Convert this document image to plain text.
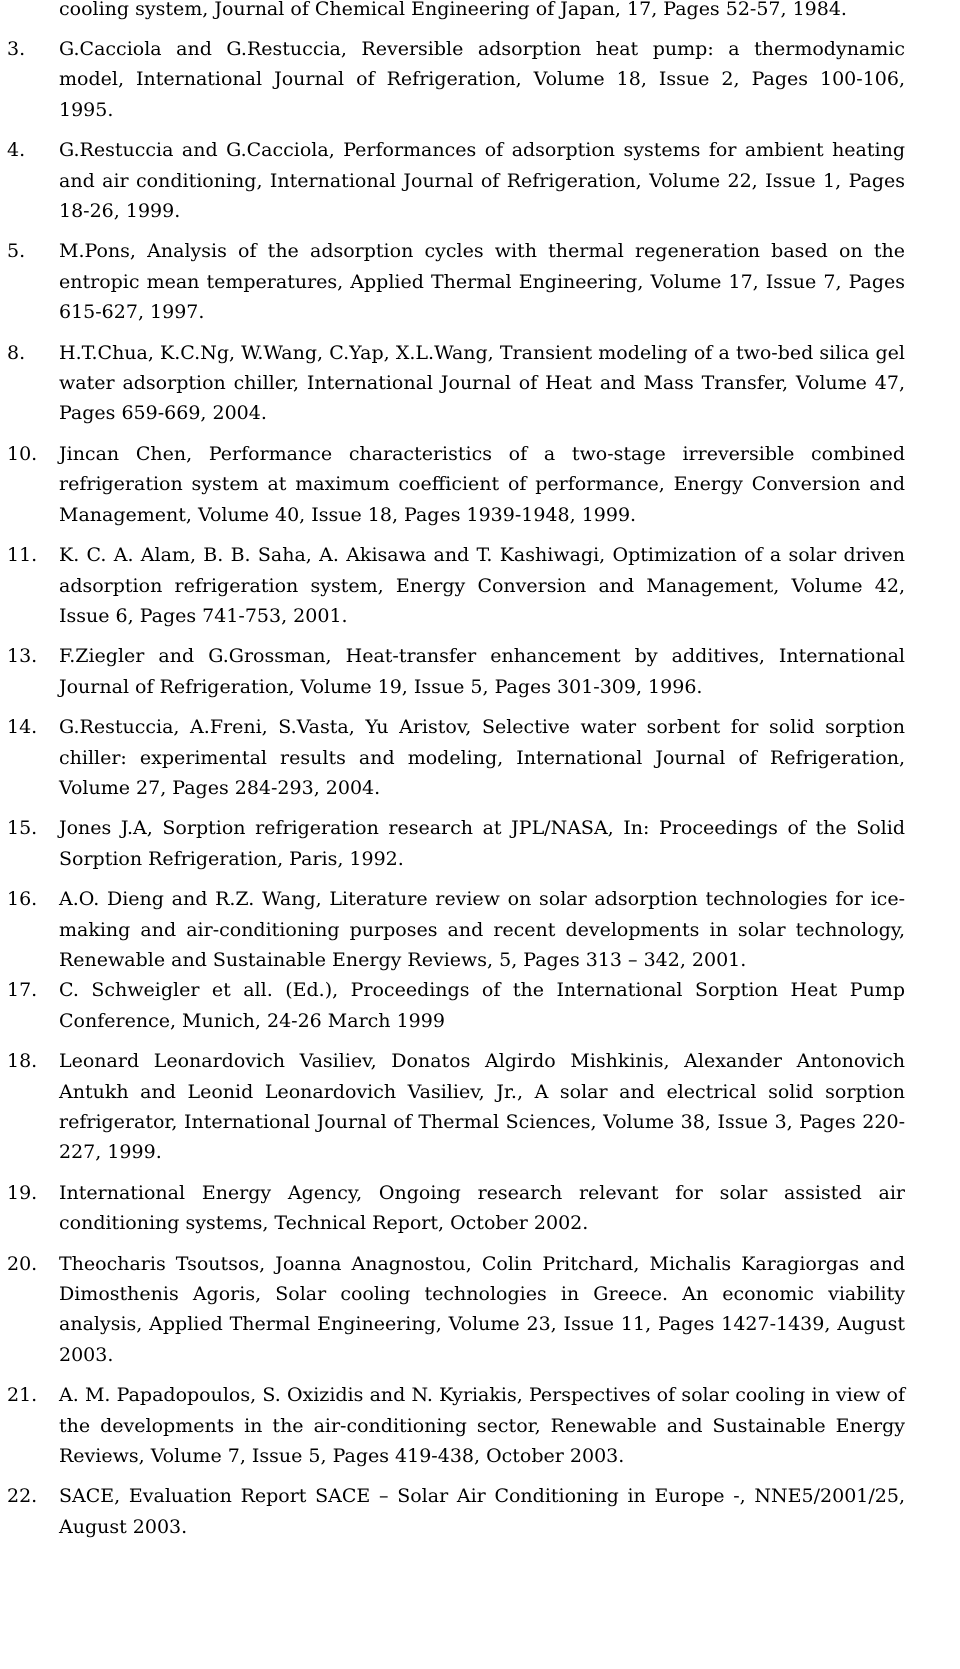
cooling system, Journal of Chemical Engineering of Japan, 17, Pages 52-57, 1984.
3. G.Cacciola and G.Restuccia, Reversible adsorption heat pump: a thermodynamic model, International Journal of Refrigeration, Volume 18, Issue 2, Pages 100-106, 1995.
4. G.Restuccia and G.Cacciola, Performances of adsorption systems for ambient heating and air conditioning, International Journal of Refrigeration, Volume 22, Issue 1, Pages 18-26, 1999.
5. M.Pons, Analysis of the adsorption cycles with thermal regeneration based on the entropic mean temperatures, Applied Thermal Engineering, Volume 17, Issue 7, Pages 615-627, 1997.
8. H.T.Chua, K.C.Ng, W.Wang, C.Yap, X.L.Wang, Transient modeling of a two-bed silica gel water adsorption chiller, International Journal of Heat and Mass Transfer, Volume 47, Pages 659-669, 2004.
10. Jincan Chen, Performance characteristics of a two-stage irreversible combined refrigeration system at maximum coefficient of performance, Energy Conversion and Management, Volume 40, Issue 18, Pages 1939-1948, 1999.
11. K. C. A. Alam, B. B. Saha, A. Akisawa and T. Kashiwagi, Optimization of a solar driven adsorption refrigeration system, Energy Conversion and Management, Volume 42, Issue 6, Pages 741-753, 2001.
13. F.Ziegler and G.Grossman, Heat-transfer enhancement by additives, International Journal of Refrigeration, Volume 19, Issue 5, Pages 301-309, 1996.
14. G.Restuccia, A.Freni, S.Vasta, Yu Aristov, Selective water sorbent for solid sorption chiller: experimental results and modeling, International Journal of Refrigeration, Volume 27, Pages 284-293, 2004.
15. Jones J.A, Sorption refrigeration research at JPL/NASA, In: Proceedings of the Solid Sorption Refrigeration, Paris, 1992.
16. A.O. Dieng and R.Z. Wang, Literature review on solar adsorption technologies for ice-making and air-conditioning purposes and recent developments in solar technology, Renewable and Sustainable Energy Reviews, 5, Pages 313 – 342, 2001.
17. C. Schweigler et all. (Ed.), Proceedings of the International Sorption Heat Pump Conference, Munich, 24-26 March 1999
18. Leonard Leonardovich Vasiliev, Donatos Algirdo Mishkinis, Alexander Antonovich Antukh and Leonid Leonardovich Vasiliev, Jr., A solar and electrical solid sorption refrigerator, International Journal of Thermal Sciences, Volume 38, Issue 3, Pages 220-227, 1999.
19. International Energy Agency, Ongoing research relevant for solar assisted air conditioning systems, Technical Report, October 2002.
20. Theocharis Tsoutsos, Joanna Anagnostou, Colin Pritchard, Michalis Karagiorgas and Dimosthenis Agoris, Solar cooling technologies in Greece. An economic viability analysis, Applied Thermal Engineering, Volume 23, Issue 11, Pages 1427-1439, August 2003.
21. A. M. Papadopoulos, S. Oxizidis and N. Kyriakis, Perspectives of solar cooling in view of the developments in the air-conditioning sector, Renewable and Sustainable Energy Reviews, Volume 7, Issue 5, Pages 419-438, October 2003.
22. SACE, Evaluation Report SACE – Solar Air Conditioning in Europe -, NNE5/2001/25, August 2003.
